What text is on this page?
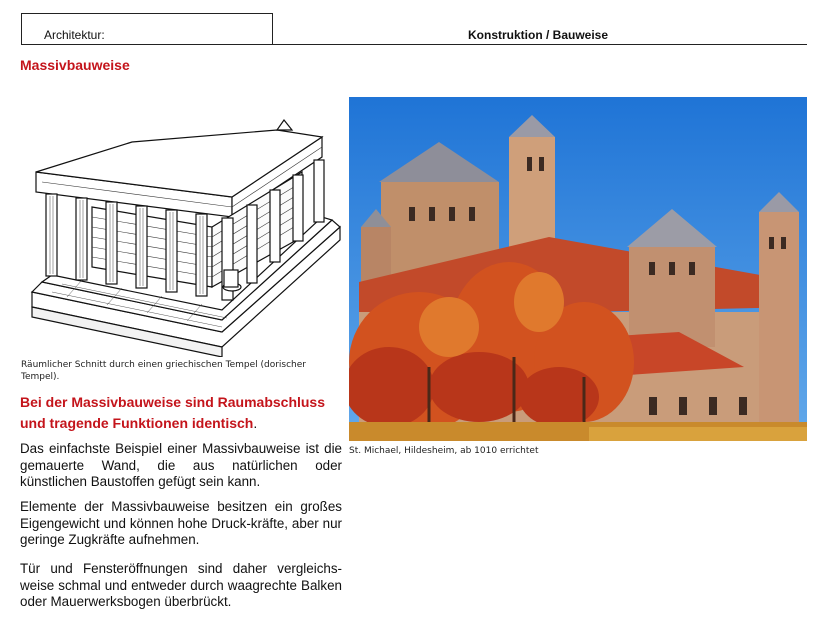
Architektur:	Konstruktion / Bauweise
Massivbauweise
Räumlicher Schnitt durch einen griechischen Tempel (dorischer Tempel).
Bei der Massivbauweise sind Raumabschluss und tragende Funktionen identisch.
Das einfachste Beispiel einer Massivbauweise ist die gemauerte Wand, die aus natürlichen oder künstlichen Baustoffen gefügt sein kann.
Elemente der Massivbauweise besitzen ein großes Eigengewicht und können hohe Druck-kräfte, aber nur geringe Zugkräfte aufnehmen.
Tür und Fensteröffnungen sind daher vergleichs-weise schmal und entweder durch waagrechte Balken oder Mauerwerksbogen überbrückt.
St. Michael, Hildesheim, ab 1010 errichtet
